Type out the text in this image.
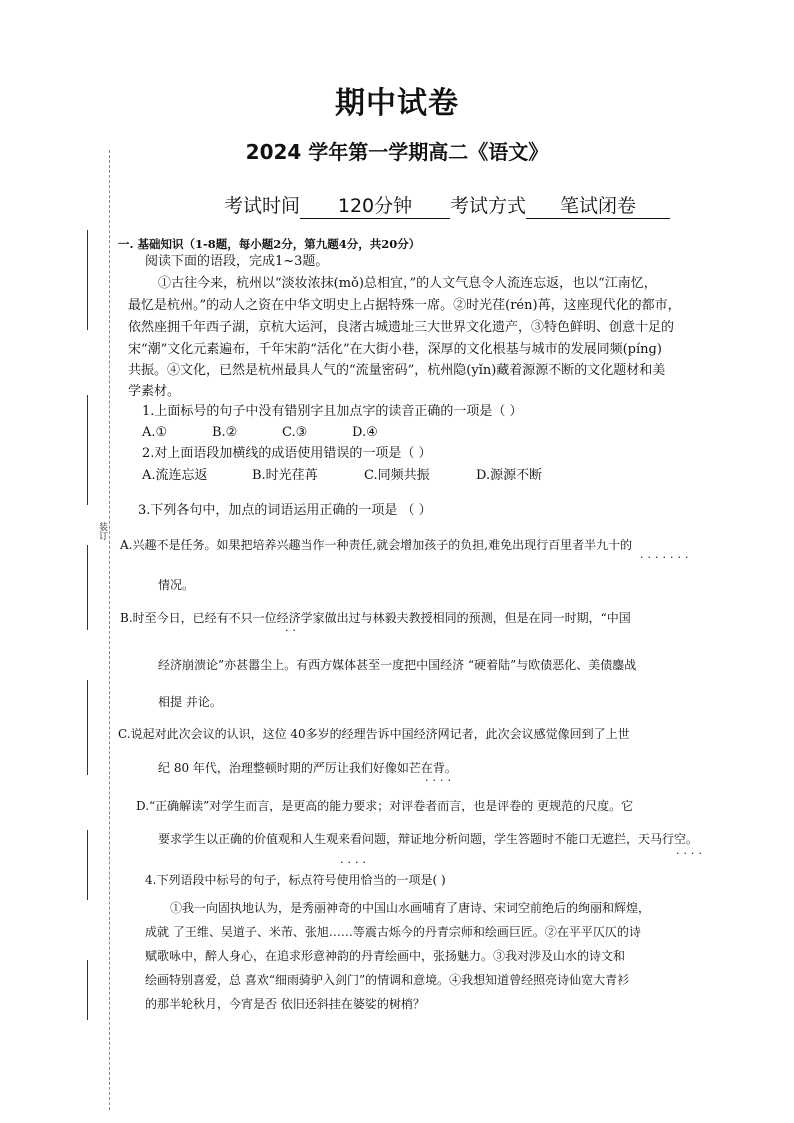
装订
期中试卷
2024 学年第一学期高二《语文》
考试时间 120分钟 考试方式 笔试闭卷
一. 基础知识（1-8题，每小题2分，第九题4分，共20分）
阅读下面的语段，完成1~3题。
①古往今来，杭州以“淡妆浓抹(mǒ)总相宜，”的人文气息令人流连忘返，也以“江南忆，
最忆是杭州。”的动人之资在中华文明史上占据特殊一席。②时光荏(rén)苒，这座现代化的都市，
依然座拥千年西子湖，京杭大运河，良渚古城遗址三大世界文化遗产，③特色鲜明、创意十足的
宋“潮”文化元素遍布，千年宋韵“活化”在大街小巷，深厚的文化根基与城市的发展同频(pínɡ)
共振。④文化，已然是杭州最具人气的“流量密码”，杭州隐(yǐn)藏着源源不断的文化题材和美
学素材。
1.上面标号的句子中没有错别字且加点字的读音正确的一项是（ ）
A.①	B.②	C.③	D.④
2.对上面语段加横线的成语使用错误的一项是（ ）
A.流连忘返	B.时光荏苒	C.同频共振	D.源源不断
3.下列各句中，加点的词语运用正确的一项是 （ ）
A.兴趣不是任务。如果把培养兴趣当作一种责任,就会增加孩子的负担,难免出现行百里者半九十的
·······
情况。
B.时至今日，已经有不只一位经济学家做出过与林毅夫教授相同的预测，但是在同一时期，“中国
··
经济崩溃论”亦甚嚣尘上。有西方媒体甚至一度把中国经济 “硬着陆”与欧债恶化、美债鏖战
相提 并论。
C.说起对此次会议的认识，这位 40多岁的经理告诉中国经济网记者，此次会议感觉像回到了上世
纪 80 年代，治理整顿时期的严厉让我们好像如芒在背。
····
D.“正确解读”对学生而言，是更高的能力要求；对评卷者而言，也是评卷的 更规范的尺度。它
要求学生以正确的价值观和人生观来看问题，辩证地分析问题，学生答题时不能口无遮拦，天马行空。
····
····
4.下列语段中标号的句子，标点符号使用恰当的一项是( )
①我一向固执地认为，是秀丽神奇的中国山水画哺育了唐诗、宋词空前绝后的绚丽和辉煌，
成就 了王维、吴道子、米芾、张旭……等震古烁今的丹青宗师和绘画巨匠。②在平平仄仄的诗
赋歌咏中，醉人身心，在追求形意神韵的丹青绘画中，张扬魅力。③我对涉及山水的诗文和
绘画特别喜爱，总 喜欢“细雨骑驴入剑门”的情调和意境。④我想知道曾经照亮诗仙宽大青衫
的那半轮秋月，今宵是否 依旧还斜挂在婆娑的树梢？
